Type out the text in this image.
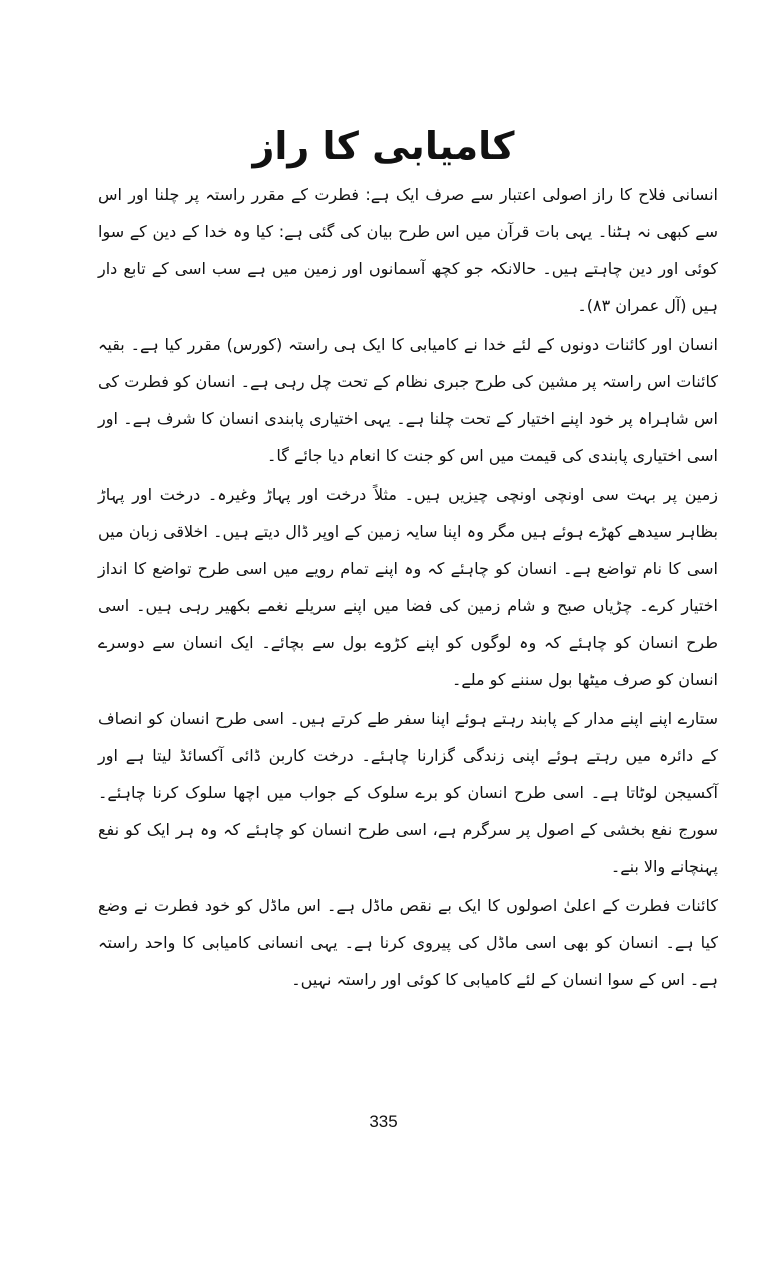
کامیابی کا راز

انسانی فلاح کا راز اصولی اعتبار سے صرف ایک ہے: فطرت کے مقرر راستہ پر چلنا اور اس سے کبھی نہ ہٹنا۔ یہی بات قرآن میں اس طرح بیان کی گئی ہے: کیا وہ خدا کے دین کے سوا کوئی اور دین چاہتے ہیں۔ حالانکہ جو کچھ آسمانوں اور زمین میں ہے سب اسی کے تابع دار ہیں (آل عمران ۸۳)۔

انسان اور کائنات دونوں کے لئے خدا نے کامیابی کا ایک ہی راستہ (کورس) مقرر کیا ہے۔ بقیہ کائنات اس راستہ پر مشین کی طرح جبری نظام کے تحت چل رہی ہے۔ انسان کو فطرت کی اس شاہراہ پر خود اپنے اختیار کے تحت چلنا ہے۔ یہی اختیاری پابندی انسان کا شرف ہے۔ اور اسی اختیاری پابندی کی قیمت میں اس کو جنت کا انعام دیا جائے گا۔

زمین پر بہت سی اونچی اونچی چیزیں ہیں۔ مثلاً درخت اور پہاڑ وغیرہ۔ درخت اور پہاڑ بظاہر سیدھے کھڑے ہوئے ہیں مگر وہ اپنا سایہ زمین کے اوپر ڈال دیتے ہیں۔ اخلاقی زبان میں اسی کا نام تواضع ہے۔ انسان کو چاہئے کہ وہ اپنے تمام رویے میں اسی طرح تواضع کا انداز اختیار کرے۔ چڑیاں صبح و شام زمین کی فضا میں اپنے سریلے نغمے بکھیر رہی ہیں۔ اسی طرح انسان کو چاہئے کہ وہ لوگوں کو اپنے کڑوے بول سے بچائے۔ ایک انسان سے دوسرے انسان کو صرف میٹھا بول سننے کو ملے۔

ستارے اپنے اپنے مدار کے پابند رہتے ہوئے اپنا سفر طے کرتے ہیں۔ اسی طرح انسان کو انصاف کے دائرہ میں رہتے ہوئے اپنی زندگی گزارنا چاہئے۔ درخت کاربن ڈائی آکسائڈ لیتا ہے اور آکسیجن لوٹاتا ہے۔ اسی طرح انسان کو برے سلوک کے جواب میں اچھا سلوک کرنا چاہئے۔ سورج نفع بخشی کے اصول پر سرگرم ہے، اسی طرح انسان کو چاہئے کہ وہ ہر ایک کو نفع پہنچانے والا بنے۔

کائنات فطرت کے اعلیٰ اصولوں کا ایک بے نقص ماڈل ہے۔ اس ماڈل کو خود فطرت نے وضع کیا ہے۔ انسان کو بھی اسی ماڈل کی پیروی کرنا ہے۔ یہی انسانی کامیابی کا واحد راستہ ہے۔ اس کے سوا انسان کے لئے کامیابی کا کوئی اور راستہ نہیں۔

335
